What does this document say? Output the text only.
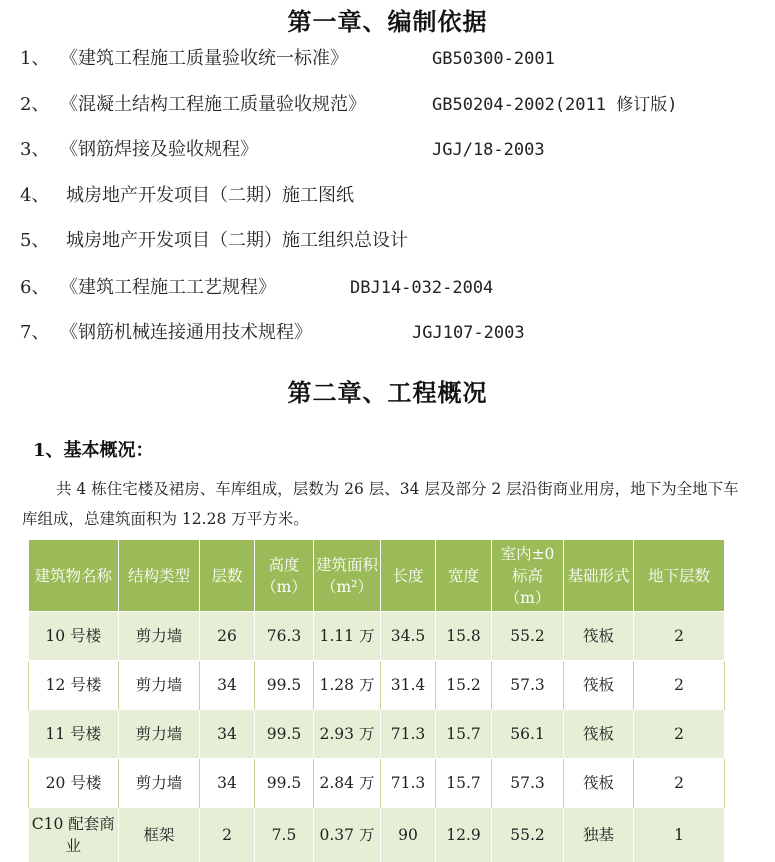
第一章、编制依据
1、 《建筑工程施工质量验收统一标准》	GB50300-2001
2、 《混凝土结构工程施工质量验收规范》	GB50204-2002(2011 修订版)
3、 《钢筋焊接及验收规程》	JGJ/18-2003
4、 城房地产开发项目（二期）施工图纸
5、 城房地产开发项目（二期）施工组织总设计
6、 《建筑工程施工工艺规程》	DBJ14-032-2004
7、 《钢筋机械连接通用技术规程》	JGJ107-2003
第二章、工程概况
1、基本概况：
共 4 栋住宅楼及裙房、车库组成，层数为 26 层、34 层及部分 2 层沿街商业用房，地下为全地下车库组成，总建筑面积为 12.28 万平方米。
建筑物名称	结构类型	层数	高度（m）	建筑面积（m²）	长度	宽度	室内±0标高（m）	基础形式	地下层数
10 号楼	剪力墙	26	76.3	1.11 万	34.5	15.8	55.2	筏板	2
12 号楼	剪力墙	34	99.5	1.28 万	31.4	15.2	57.3	筏板	2
11 号楼	剪力墙	34	99.5	2.93 万	71.3	15.7	56.1	筏板	2
20 号楼	剪力墙	34	99.5	2.84 万	71.3	15.7	57.3	筏板	2
C10 配套商业	框架	2	7.5	0.37 万	90	12.9	55.2	独基	1
